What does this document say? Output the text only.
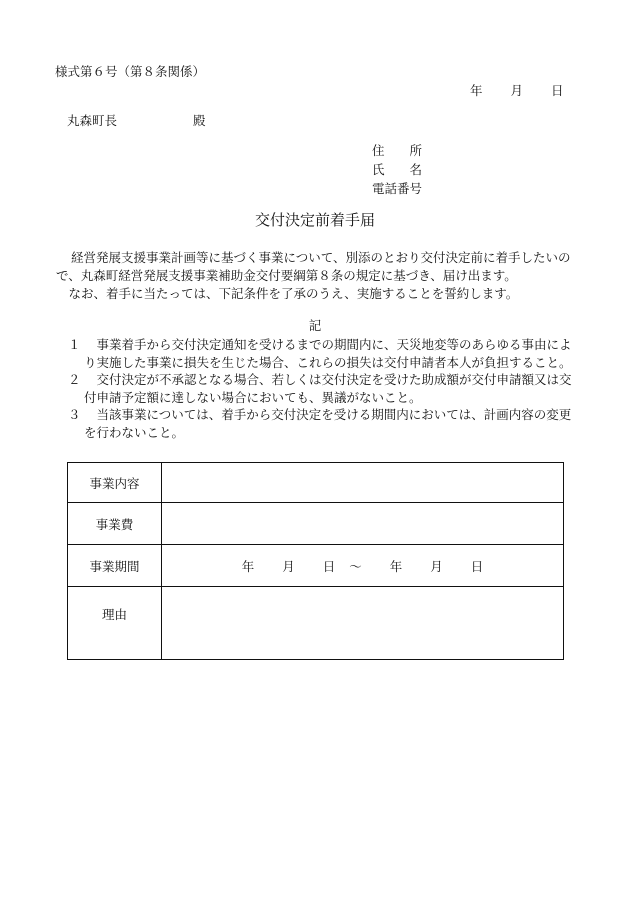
様式第６号（第８条関係）
年 月 日
丸森町長	殿
住　　所
氏　　名
電話番号
交付決定前着手届

経営発展支援事業計画等に基づく事業について、別添のとおり交付決定前に着手したいので、丸森町経営発展支援事業補助金交付要綱第８条の規定に基づき、届け出ます。

なお、着手に当たっては、下記条件を了承のうえ、実施することを誓約します。

記
１	事業着手から交付決定通知を受けるまでの期間内に、天災地変等のあらゆる事由により実施した事業に損失を生じた場合、これらの損失は交付申請者本人が負担すること。
２	交付決定が不承認となる場合、若しくは交付決定を受けた助成額が交付申請額又は交付申請予定額に達しない場合においても、異議がないこと。
３	当該事業については、着手から交付決定を受ける期間内においては、計画内容の変更を行わないこと。
事業内容	
事業費	
事業期間	年 月 日 ～ 年 月 日
理由	
